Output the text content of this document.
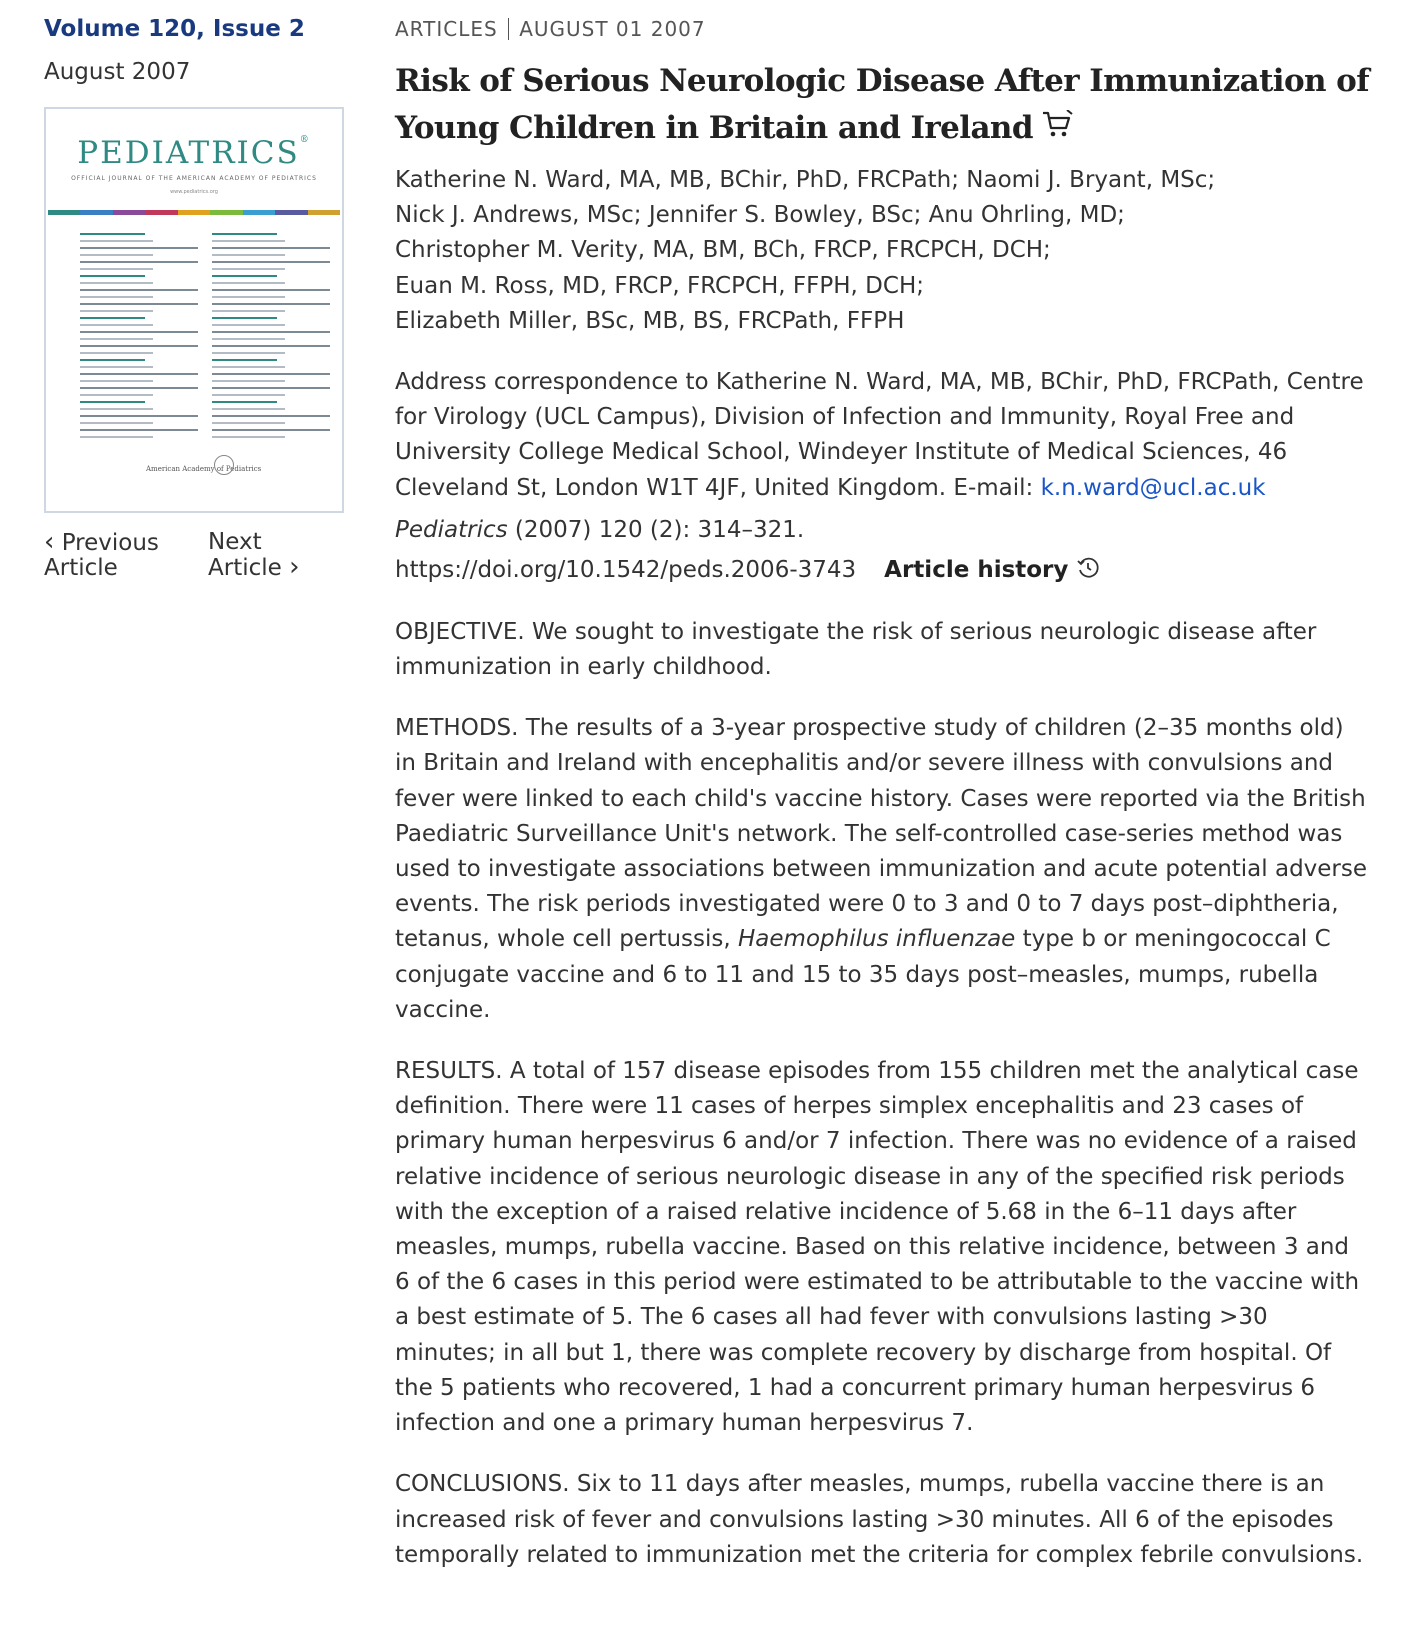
Volume 120, Issue 2
August 2007
PEDIATRICS®
OFFICIAL JOURNAL OF THE AMERICAN ACADEMY OF PEDIATRICS
www.pediatrics.org
American Academy of Pediatrics
‹ Previous
Article
Next
Article ›
ARTICLES AUGUST 01 2007
Risk of Serious Neurologic Disease After Immunization of Young Children in Britain and Ireland
Katherine N. Ward, MA, MB, BChir, PhD, FRCPath; Naomi J. Bryant, MSc;
Nick J. Andrews, MSc; Jennifer S. Bowley, BSc; Anu Ohrling, MD;
Christopher M. Verity, MA, BM, BCh, FRCP, FRCPCH, DCH;
Euan M. Ross, MD, FRCP, FRCPCH, FFPH, DCH;
Elizabeth Miller, BSc, MB, BS, FRCPath, FFPH
Address correspondence to Katherine N. Ward, MA, MB, BChir, PhD, FRCPath, Centre for Virology (UCL Campus), Division of Infection and Immunity, Royal Free and University College Medical School, Windeyer Institute of Medical Sciences, 46 Cleveland St, London W1T 4JF, United Kingdom. E-mail: k.n.ward@ucl.ac.uk
Pediatrics (2007) 120 (2): 314–321.
https://doi.org/10.1542/peds.2006-3743 Article history
OBJECTIVE. We sought to investigate the risk of serious neurologic disease after immunization in early childhood.
METHODS. The results of a 3-year prospective study of children (2–35 months old) in Britain and Ireland with encephalitis and/or severe illness with convulsions and fever were linked to each child's vaccine history. Cases were reported via the British Paediatric Surveillance Unit's network. The self-controlled case-series method was used to investigate associations between immunization and acute potential adverse events. The risk periods investigated were 0 to 3 and 0 to 7 days post–diphtheria, tetanus, whole cell pertussis, Haemophilus influenzae type b or meningococcal C conjugate vaccine and 6 to 11 and 15 to 35 days post–measles, mumps, rubella vaccine.
RESULTS. A total of 157 disease episodes from 155 children met the analytical case definition. There were 11 cases of herpes simplex encephalitis and 23 cases of primary human herpesvirus 6 and/or 7 infection. There was no evidence of a raised relative incidence of serious neurologic disease in any of the specified risk periods with the exception of a raised relative incidence of 5.68 in the 6–11 days after measles, mumps, rubella vaccine. Based on this relative incidence, between 3 and 6 of the 6 cases in this period were estimated to be attributable to the vaccine with a best estimate of 5. The 6 cases all had fever with convulsions lasting >30 minutes; in all but 1, there was complete recovery by discharge from hospital. Of the 5 patients who recovered, 1 had a concurrent primary human herpesvirus 6 infection and one a primary human herpesvirus 7.
CONCLUSIONS. Six to 11 days after measles, mumps, rubella vaccine there is an increased risk of fever and convulsions lasting >30 minutes. All 6 of the episodes temporally related to immunization met the criteria for complex febrile convulsions.
